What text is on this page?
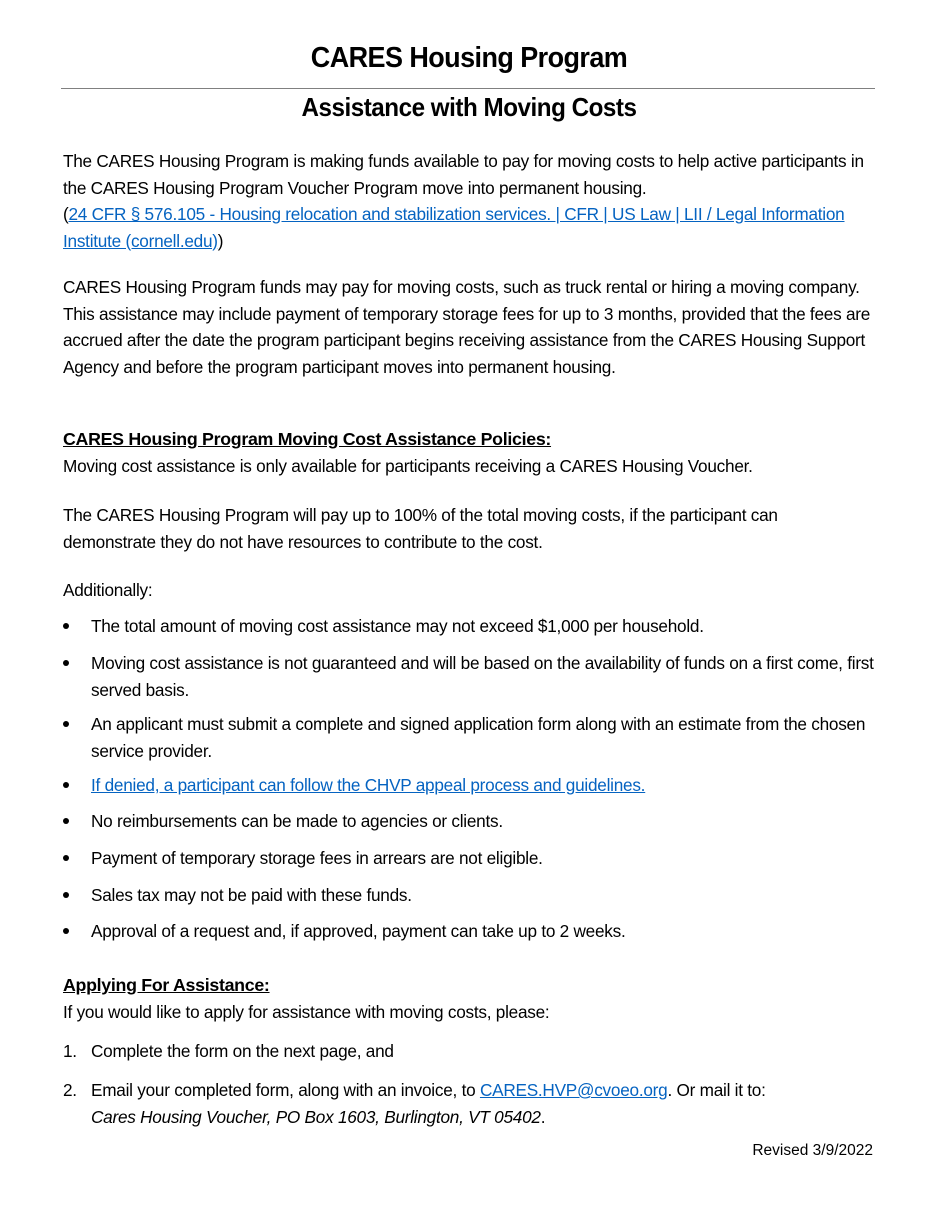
CARES Housing Program
Assistance with Moving Costs
The CARES Housing Program is making funds available to pay for moving costs to help active participants in the CARES Housing Program Voucher Program move into permanent housing.
(24 CFR § 576.105 - Housing relocation and stabilization services. | CFR | US Law | LII / Legal Information Institute (cornell.edu))
CARES Housing Program funds may pay for moving costs, such as truck rental or hiring a moving company. This assistance may include payment of temporary storage fees for up to 3 months, provided that the fees are accrued after the date the program participant begins receiving assistance from the CARES Housing Support Agency and before the program participant moves into permanent housing.
CARES Housing Program Moving Cost Assistance Policies:
Moving cost assistance is only available for participants receiving a CARES Housing Voucher.
The CARES Housing Program will pay up to 100% of the total moving costs, if the participant can demonstrate they do not have resources to contribute to the cost.
Additionally:
The total amount of moving cost assistance may not exceed $1,000 per household.
Moving cost assistance is not guaranteed and will be based on the availability of funds on a first come, first served basis.
An applicant must submit a complete and signed application form along with an estimate from the chosen service provider.
If denied, a participant can follow the CHVP appeal process and guidelines.
No reimbursements can be made to agencies or clients.
Payment of temporary storage fees in arrears are not eligible.
Sales tax may not be paid with these funds.
Approval of a request and, if approved, payment can take up to 2 weeks.
Applying For Assistance:
If you would like to apply for assistance with moving costs, please:
1. Complete the form on the next page, and
2. Email your completed form, along with an invoice, to CARES.HVP@cvoeo.org. Or mail it to:
Cares Housing Voucher, PO Box 1603, Burlington, VT 05402.
Revised 3/9/2022
